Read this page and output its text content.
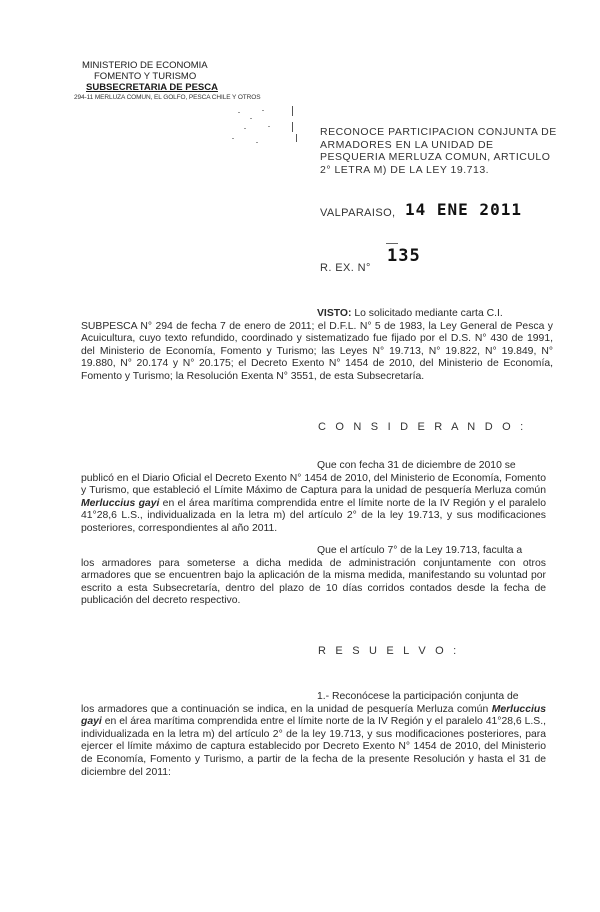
MINISTERIO DE ECONOMIA
FOMENTO Y TURISMO
SUBSECRETARIA DE PESCA
294-11 MERLUZA COMUN, EL GOLFO, PESCA CHILE Y OTROS
RECONOCE PARTICIPACION CONJUNTA DE ARMADORES EN LA UNIDAD DE PESQUERIA MERLUZA COMUN, ARTICULO 2° LETRA M) DE LA LEY 19.713.
VALPARAISO, 14 ENE 2011
R. EX. N°
135
VISTO: Lo solicitado mediante carta C.I.
SUBPESCA N° 294 de fecha 7 de enero de 2011; el D.F.L. N° 5 de 1983, la Ley General de Pesca y Acuicultura, cuyo texto refundido, coordinado y sistematizado fue fijado por el D.S. N° 430 de 1991, del Ministerio de Economía, Fomento y Turismo; las Leyes N° 19.713, N° 19.822, N° 19.849, N° 19.880, N° 20.174 y N° 20.175; el Decreto Exento N° 1454 de 2010, del Ministerio de Economía, Fomento y Turismo; la Resolución Exenta N° 3551, de esta Subsecretaría.
C O N S I D E R A N D O :
Que con fecha 31 de diciembre de 2010 se
publicó en el Diario Oficial el Decreto Exento N° 1454 de 2010, del Ministerio de Economía, Fomento y Turismo, que estableció el Límite Máximo de Captura para la unidad de pesquería Merluza común Merluccius gayi en el área marítima comprendida entre el límite norte de la IV Región y el paralelo 41°28,6 L.S., individualizada en la letra m) del artículo 2° de la ley 19.713, y sus modificaciones posteriores, correspondientes al año 2011.
Que el artículo 7° de la Ley 19.713, faculta a
los armadores para someterse a dicha medida de administración conjuntamente con otros armadores que se encuentren bajo la aplicación de la misma medida, manifestando su voluntad por escrito a esta Subsecretaría, dentro del plazo de 10 días corridos contados desde la fecha de publicación del decreto respectivo.
R E S U E L V O :
1.- Reconócese la participación conjunta de
los armadores que a continuación se indica, en la unidad de pesquería Merluza común Merluccius gayi en el área marítima comprendida entre el límite norte de la IV Región y el paralelo 41°28,6 L.S., individualizada en la letra m) del artículo 2° de la ley 19.713, y sus modificaciones posteriores, para ejercer el límite máximo de captura establecido por Decreto Exento N° 1454 de 2010, del Ministerio de Economía, Fomento y Turismo, a partir de la fecha de la presente Resolución y hasta el 31 de diciembre del 2011:
